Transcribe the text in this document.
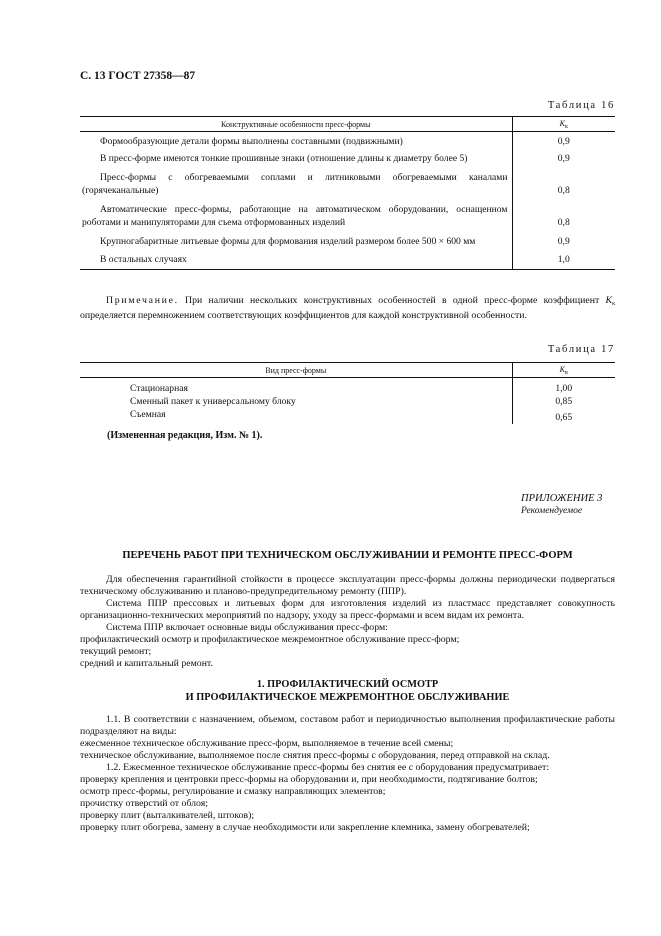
С. 13 ГОСТ 27358—87
Таблица 16
Конструктивные особенности пресс-формы	$K_к$
Формообразующие детали формы выполнены составными (подвижными)	0,9
В пресс-форме имеются тонкие прошивные знаки (отношение длины к диаметру более 5)	0,9
Пресс-формы с обогреваемыми соплами и литниковыми обогреваемыми каналами (горячеканальные)	0,8
Автоматические пресс-формы, работающие на автоматическом оборудовании, оснащенном роботами и манипуляторами для съема отформованных изделий	0,8
Крупногабаритные литьевые формы для формования изделий размером более 500 × 600 мм	0,9
В остальных случаях	1,0
Примечание. При наличии нескольких конструктивных особенностей в одной пресс-форме коэффициент $K_к$ определяется перемножением соответствующих коэффициентов для каждой конструктивной особенности.
Таблица 17
Вид пресс-формы	$K_в$
Стационарная	1,00
Сменный пакет к универсальному блоку	0,85
Съемная	0,65
(Измененная редакция, Изм. № 1).
ПРИЛОЖЕНИЕ 3
Рекомендуемое
ПЕРЕЧЕНЬ РАБОТ ПРИ ТЕХНИЧЕСКОМ ОБСЛУЖИВАНИИ И РЕМОНТЕ ПРЕСС-ФОРМ

Для обеспечения гарантийной стойкости в процессе эксплуатации пресс-формы должны периодически подвергаться техническому обслуживанию и планово-предупредительному ремонту (ППР).

Система ППР прессовых и литьевых форм для изготовления изделий из пластмасс представляет совокупность организационно-технических мероприятий по надзору, уходу за пресс-формами и всем видам их ремонта.

Система ППР включает основные виды обслуживания пресс-форм:

профилактический осмотр и профилактическое межремонтное обслуживание пресс-форм;

текущий ремонт;

средний и капитальный ремонт.

1. ПРОФИЛАКТИЧЕСКИЙ ОСМОТР
И ПРОФИЛАКТИЧЕСКОЕ МЕЖРЕМОНТНОЕ ОБСЛУЖИВАНИЕ

1.1. В соответствии с назначением, объемом, составом работ и периодичностью выполнения профилактические работы подразделяют на виды:

ежесменное техническое обслуживание пресс-форм, выполняемое в течение всей смены;

техническое обслуживание, выполняемое после снятия пресс-формы с оборудования, перед отправкой на склад.

1.2. Ежесменное техническое обслуживание пресс-формы без снятия ее с оборудования предусматривает:

проверку крепления и центровки пресс-формы на оборудовании и, при необходимости, подтягивание болтов;

осмотр пресс-формы, регулирование и смазку направляющих элементов;

прочистку отверстий от облоя;

проверку плит (выталкивателей, штоков);

проверку плит обогрева, замену в случае необходимости или закрепление клемника, замену обогревателей;
